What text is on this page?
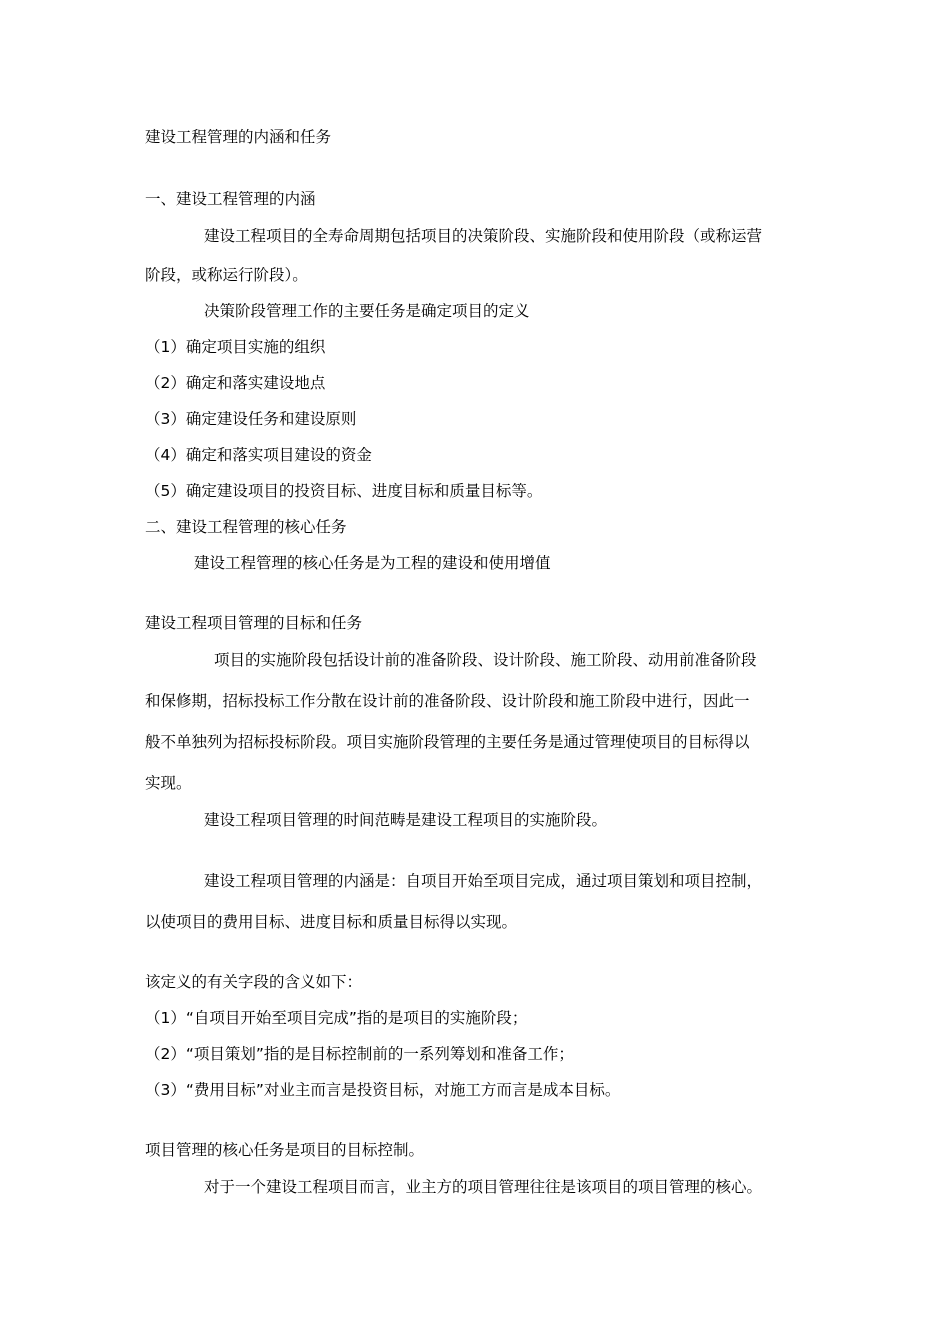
建设工程管理的内涵和任务
一、建设工程管理的内涵
建设工程项目的全寿命周期包括项目的决策阶段、实施阶段和使用阶段（或称运营
阶段，或称运行阶段）。
决策阶段管理工作的主要任务是确定项目的定义
（1）确定项目实施的组织
（2）确定和落实建设地点
（3）确定建设任务和建设原则
（4）确定和落实项目建设的资金
（5）确定建设项目的投资目标、进度目标和质量目标等。
二、建设工程管理的核心任务
建设工程管理的核心任务是为工程的建设和使用增值
建设工程项目管理的目标和任务
项目的实施阶段包括设计前的准备阶段、设计阶段、施工阶段、动用前准备阶段
和保修期，招标投标工作分散在设计前的准备阶段、设计阶段和施工阶段中进行，因此一
般不单独列为招标投标阶段。项目实施阶段管理的主要任务是通过管理使项目的目标得以
实现。
建设工程项目管理的时间范畴是建设工程项目的实施阶段。
建设工程项目管理的内涵是：自项目开始至项目完成，通过项目策划和项目控制，
以使项目的费用目标、进度目标和质量目标得以实现。
该定义的有关字段的含义如下：
（1）“自项目开始至项目完成”指的是项目的实施阶段；
（2）“项目策划”指的是目标控制前的一系列筹划和准备工作；
（3）“费用目标”对业主而言是投资目标，对施工方而言是成本目标。
项目管理的核心任务是项目的目标控制。
对于一个建设工程项目而言，业主方的项目管理往往是该项目的项目管理的核心。
